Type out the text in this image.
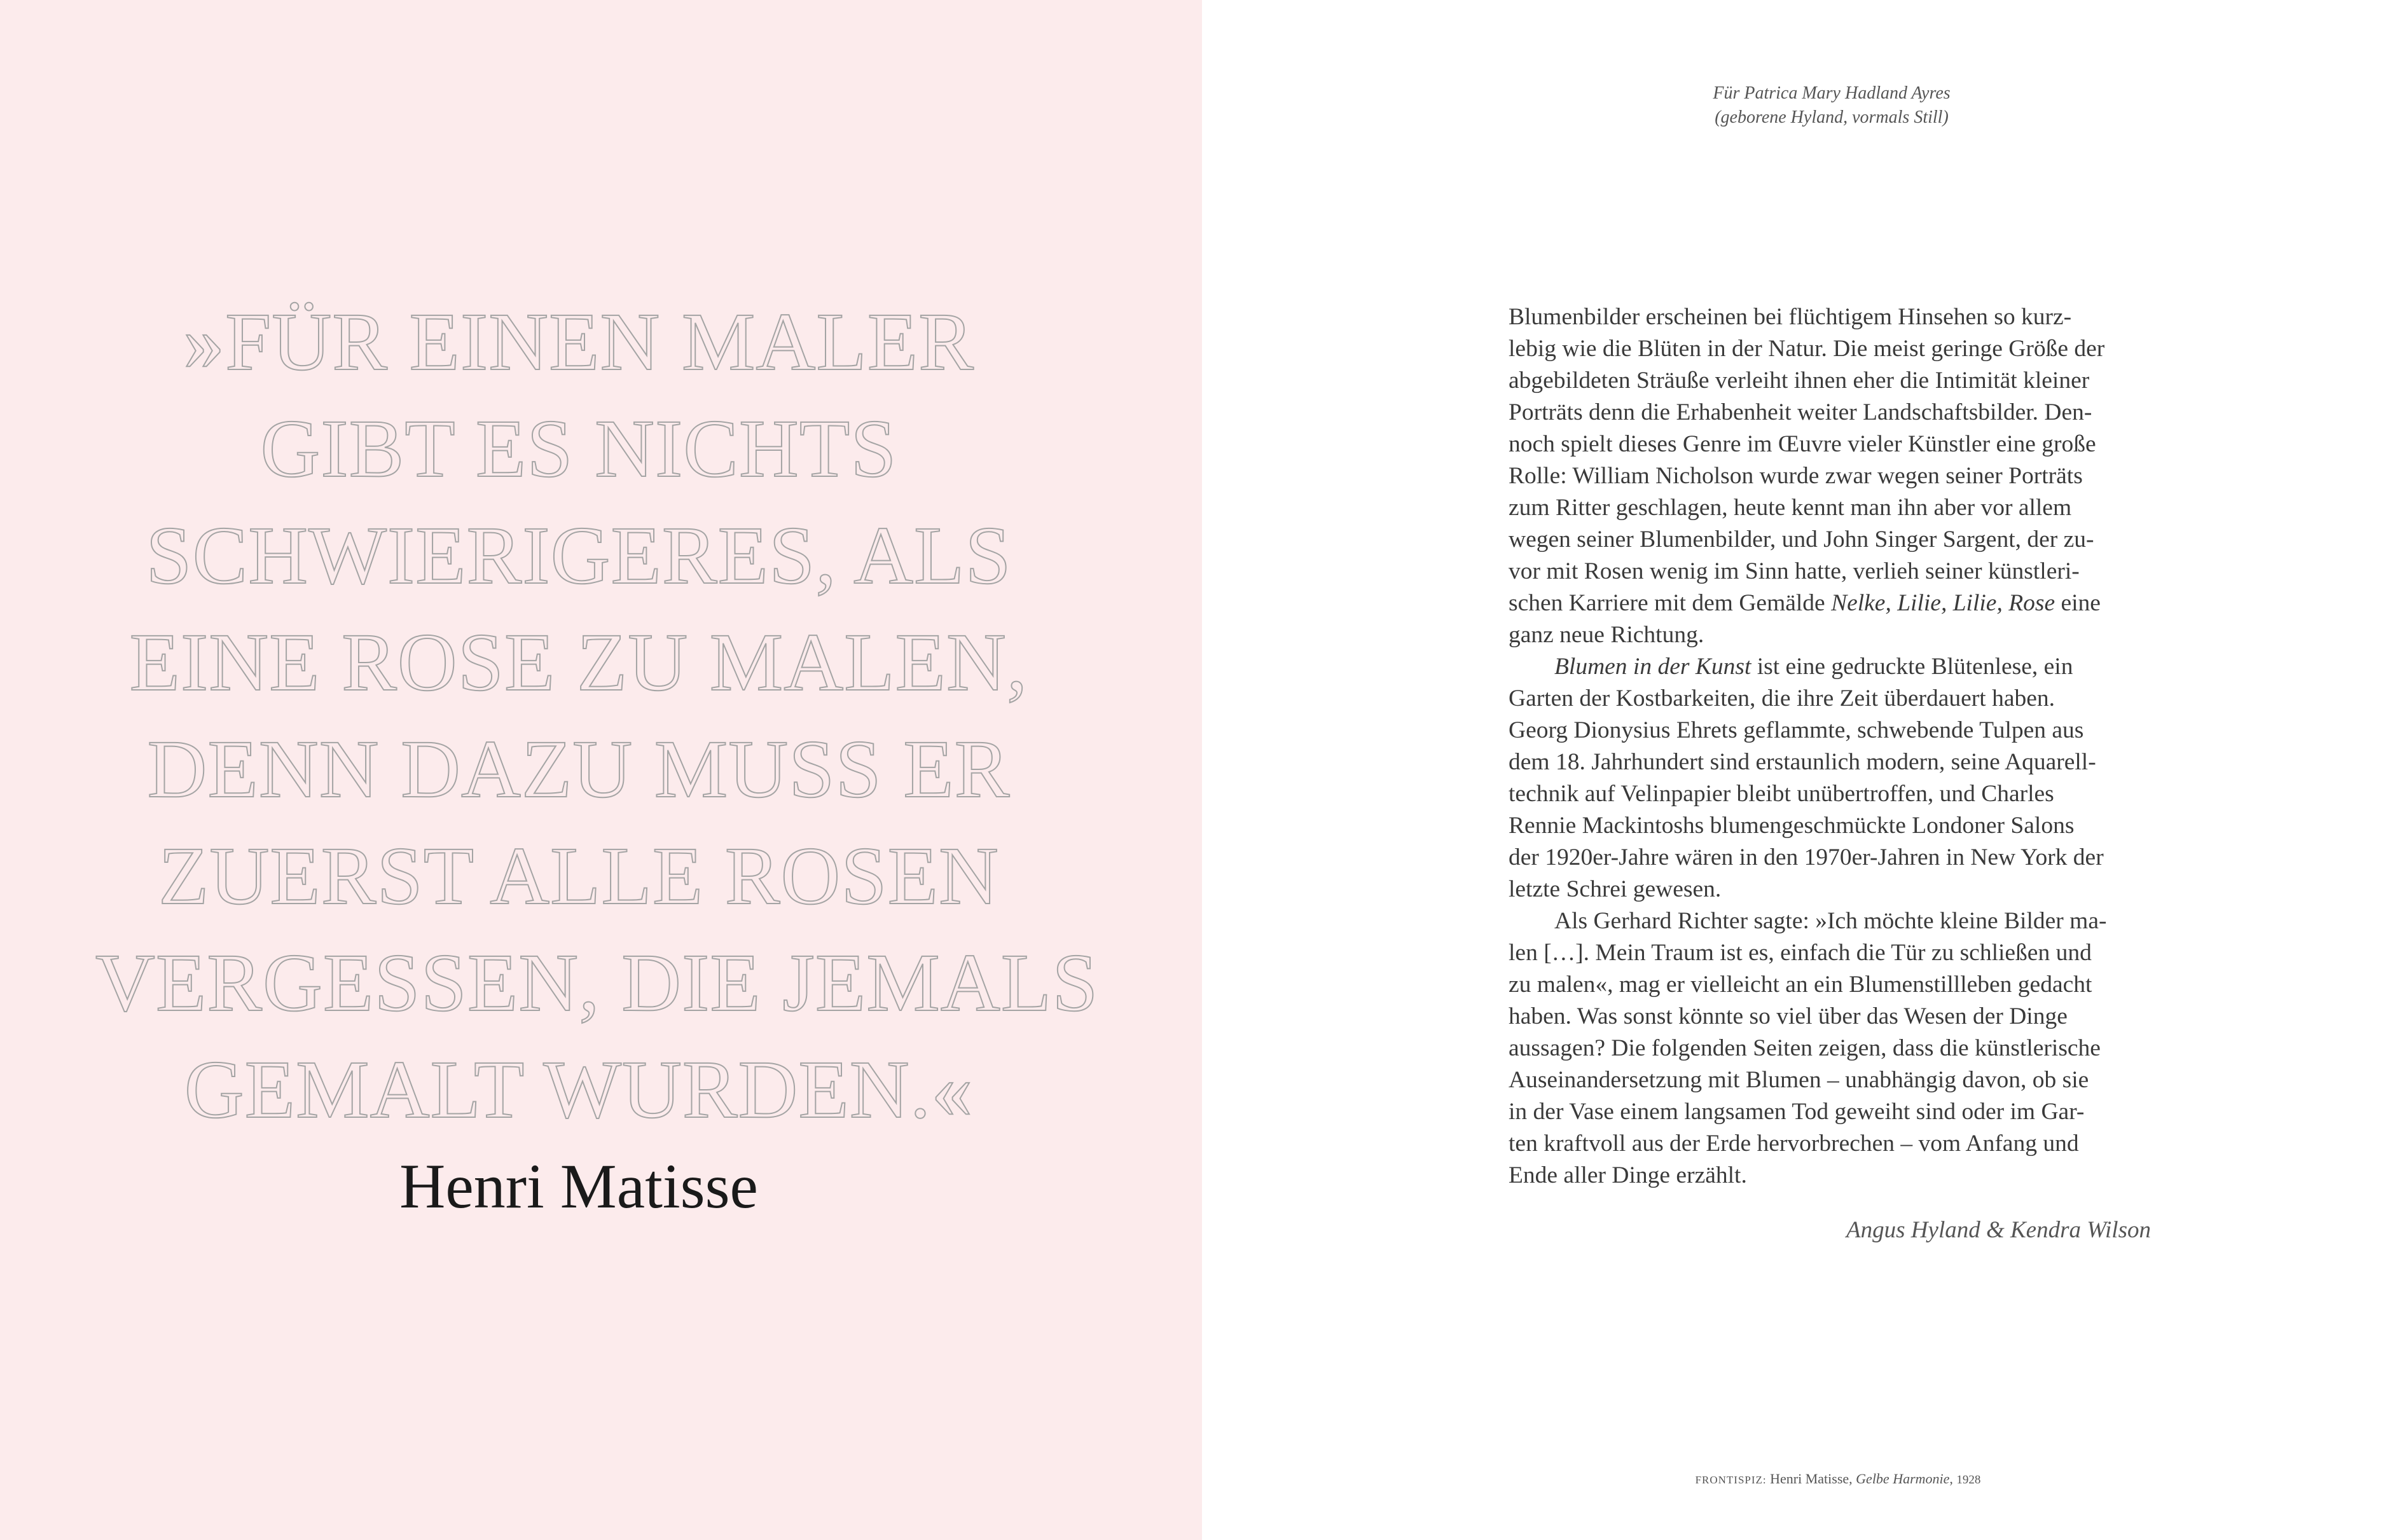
»FÜR EINEN MALER
GIBT ES NICHTS
SCHWIERIGERES, ALS
EINE ROSE ZU MALEN,
DENN DAZU MUSS ER
ZUERST ALLE ROSEN
VERGESSEN, DIE JEMALS
GEMALT WURDEN.«
Henri Matisse
Für Patrica Mary Hadland Ayres
(geborene Hyland, vormals Still)
Blumenbilder erscheinen bei flüchtigem Hinsehen so kurz-
lebig wie die Blüten in der Natur. Die meist geringe Größe der
abgebildeten Sträuße verleiht ihnen eher die Intimität kleiner
Porträts denn die Erhabenheit weiter Landschaftsbilder. Den-
noch spielt dieses Genre im Œuvre vieler Künstler eine große
Rolle: William Nicholson wurde zwar wegen seiner Porträts
zum Ritter geschlagen, heute kennt man ihn aber vor allem
wegen seiner Blumenbilder, und John Singer Sargent, der zu-
vor mit Rosen wenig im Sinn hatte, verlieh seiner künstleri-
schen Karriere mit dem Gemälde Nelke, Lilie, Lilie, Rose eine
ganz neue Richtung.
Blumen in der Kunst ist eine gedruckte Blütenlese, ein
Garten der Kostbarkeiten, die ihre Zeit überdauert haben.
Georg Dionysius Ehrets geflammte, schwebende Tulpen aus
dem 18. Jahrhundert sind erstaunlich modern, seine Aquarell-
technik auf Velinpapier bleibt unübertroffen, und Charles
Rennie Mackintoshs blumengeschmückte Londoner Salons
der 1920er-Jahre wären in den 1970er-Jahren in New York der
letzte Schrei gewesen.
Als Gerhard Richter sagte: »Ich möchte kleine Bilder ma-
len […]. Mein Traum ist es, einfach die Tür zu schließen und
zu malen«, mag er vielleicht an ein Blumenstillleben gedacht
haben. Was sonst könnte so viel über das Wesen der Dinge
aussagen? Die folgenden Seiten zeigen, dass die künstlerische
Auseinandersetzung mit Blumen – unabhängig davon, ob sie
in der Vase einem langsamen Tod geweiht sind oder im Gar-
ten kraftvoll aus der Erde hervorbrechen – vom Anfang und
Ende aller Dinge erzählt.
Angus Hyland & Kendra Wilson
FRONTISPIZ: Henri Matisse, Gelbe Harmonie, 1928
